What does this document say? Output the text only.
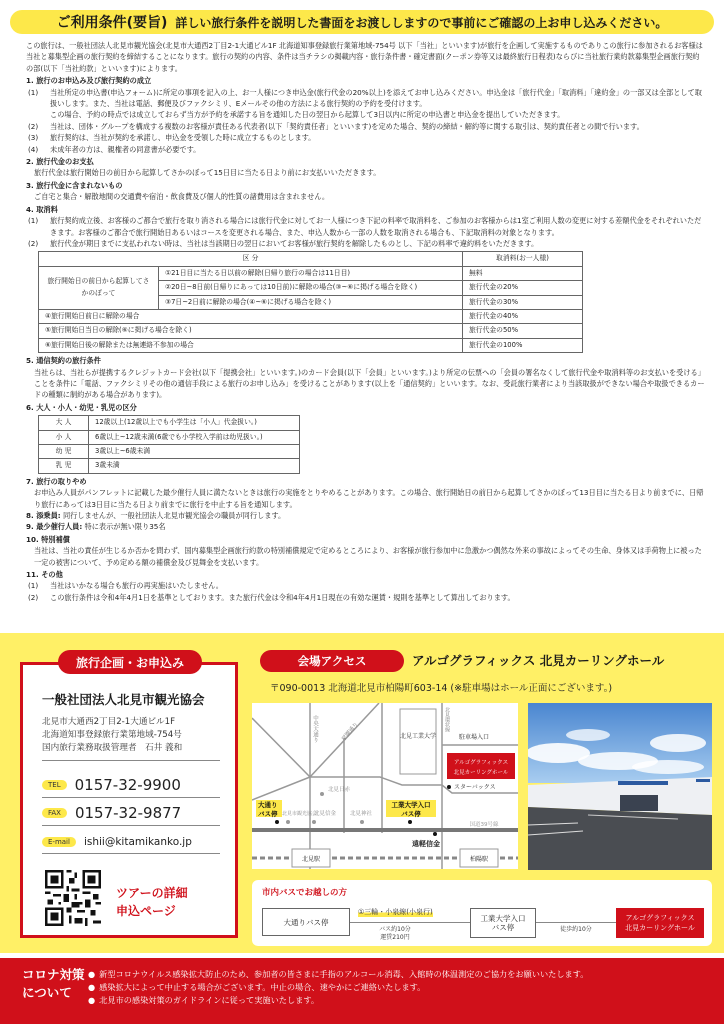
ご利用条件(要旨) 詳しい旅行条件を説明した書面をお渡ししますので事前にご確認の上お申し込みください。
この旅行は、一般社団法人北見市観光協会(北見市大通西2丁目2-1大通ビル1F 北海道知事登録旅行業第地域-754号 以下「当社」といいます)が旅行を企画して実施するものでありこの旅行に参加されるお客様は当社と募集型企画の旅行契約を締結することになります。旅行の契約の内容、条件は当チラシの掲載内容・旅行条件書・確定書面(クーポン券等又は最終旅行日程表)ならびに当社旅行業約款募集型企画旅行契約の部(以下「当社約款」といいます)によります。
1. 旅行のお申込み及び旅行契約の成立
(1)	当社所定の申込書(申込フォーム)に所定の事項を記入の上、お一人様につき申込金(旅行代金の20%以上)を添えてお申し込みください。申込金は「旅行代金」「取消料」「違約金」の一部又は全部として取扱いします。また、当社は電話、郵便及びファクシミリ、Eメールその他の方法による旅行契約の予約を受付けます。
この場合、予約の時点では成立しておらず当方が予約を承諾する旨を通知した日の翌日から起算して3日以内に所定の申込書と申込金を提出していただきます。
(2)	当社は、団体・グループを構成する複数のお客様が責任ある代表者(以下「契約責任者」といいます)を定めた場合、契約の締結・解約等に関する取引は、契約責任者との間で行います。
(3)	旅行契約は、当社が契約を承諾し、申込金を受領した時に成立するものとします。
(4)	未成年者の方は、親権者の同意書が必要です。
2. 旅行代金のお支払
旅行代金は旅行開始日の前日から起算してさかのぼって15日目に当たる日より前にお支払いいただきます。
3. 旅行代金に含まれないもの
ご自宅と集合・解散地間の交通費や宿泊・飲食費及び個人的性質の諸費用は含まれません。
4. 取消料
(1)	旅行契約成立後、お客様のご都合で旅行を取り消される場合には旅行代金に対してお一人様につき下記の料率で取消料を、ご参加のお客様からは1室ご利用人数の変更に対する差額代金をそれぞれいただきます。お客様のご都合で旅行開始日あるいはコースを変更される場合、また、申込人数から一部の人数を取消される場合も、下記取消料の対象となります。
(2)	旅行代金が期日までに支払われない時は、当社は当該期日の翌日においてお客様が旅行契約を解除したものとし、下記の料率で違約料をいただきます。
区 分		取消料(お一人様)
旅行開始日の前日から起算してさかのぼって	①21日目に当たる日以前の解除(日帰り旅行の場合は11日目)	無料
	②20日~8日前(日帰りにあっては10日前)に解除の場合(③~⑥に掲げる場合を除く)	旅行代金の20%
	③7日~2日前に解除の場合(④~⑥に掲げる場合を除く)	旅行代金の30%
④旅行開始日前日に解除の場合		旅行代金の40%
⑤旅行開始日当日の解除(⑥に掲げる場合を除く)		旅行代金の50%
⑥旅行開始日後の解除または無連絡不参加の場合		旅行代金の100%
5. 通信契約の旅行条件
当社らは、当社らが提携するクレジットカード会社(以下「提携会社」といいます。)のカード会員(以下「会員」といいます。)より所定の伝票への「会員の署名なくして旅行代金や取消料等のお支払いを受ける」ことを条件に「電話、ファクシミリその他の通信手段による旅行のお申し込み」を受けることがあります(以上を「通信契約」といいます。なお、受託旅行業者により当該取扱ができない場合や取扱できるカードの種類に制約がある場合があります)。
6. 大人・小人・幼児・乳児の区分
大 人	12歳以上(12歳以上でも小学生は「小人」代金扱い。)
小 人	6歳以上~12歳未満(6歳でも小学校入学前は幼児扱い。)
幼 児	3歳以上~6歳未満
乳 児	3歳未満
7. 旅行の取りやめ
お申込み人員がパンフレットに記載した最少催行人員に満たないときは旅行の実施をとりやめることがあります。この場合、旅行開始日の前日から起算してさかのぼって13日目に当たる日より前までに、日帰り旅行にあっては3日目に当たる日より前までに旅行を中止する旨を通知します。
8. 添乗員: 同行しませんが、一般社団法人北見市観光協会の職員が同行します。
9. 最少催行人員: 特に表示が無い限り35名
10. 特別補償
当社は、当社の責任が生じるか否かを問わず、国内募集型企画旅行約款の特別補償規定で定めるところにより、お客様が旅行参加中に急激かつ偶然な外来の事故によってその生命、身体又は手荷物上に被った一定の被害について、予め定める額の補償金及び見舞金を支払います。
11. その他
(1)	当社はいかなる場合も旅行の再実施はいたしません。
(2)	この旅行条件は令和4年4月1日を基準としております。また旅行代金は令和4年4月1日現在の有効な運賃・規則を基準として算出しております。
旅行企画・お申込み
一般社団法人北見市観光協会
北見市大通西2丁目2-1大通ビル1F
北海道知事登録旅行業第地域-754号
国内旅行業務取扱管理者　石井 義和
TEL 0157-32-9900
FAX 0157-32-9877
E-mail	ishii@kitamikanko.jp
ツアーの詳細
申込ページ
会場アクセス	アルゴグラフィックス 北見カーリングホール
〒090-0013 北海道北見市柏陽町603-14 (※駐車場はホール正面にございます。)
北見工業大学
中央大通り	学園通り	北見環状線
駐車場入口
アルゴグラフィックス
北見カーリングホール
スターバックス
北見日赤
北見市観光協会
北見信金	北見神社
大通り
バス停
工業大学入口
バス停
国道39号線
遠軽信金
北見駅	柏陽駅
市内バスでお越しの方
大通りバス停
①三輪・小泉線(小泉行)
バス約10分
運賃210円
工業大学入口
バス停	徒歩約10分
アルゴグラフィックス
北見カーリングホール
コロナ対策
について
● 新型コロナウイルス感染拡大防止のため、参加者の皆さまに手指のアルコール消毒、入館時の体温測定のご協力をお願いいたします。
● 感染拡大によって中止する場合がございます。中止の場合、速やかにご連絡いたします。
● 北見市の感染対策のガイドラインに従って実施いたします。
